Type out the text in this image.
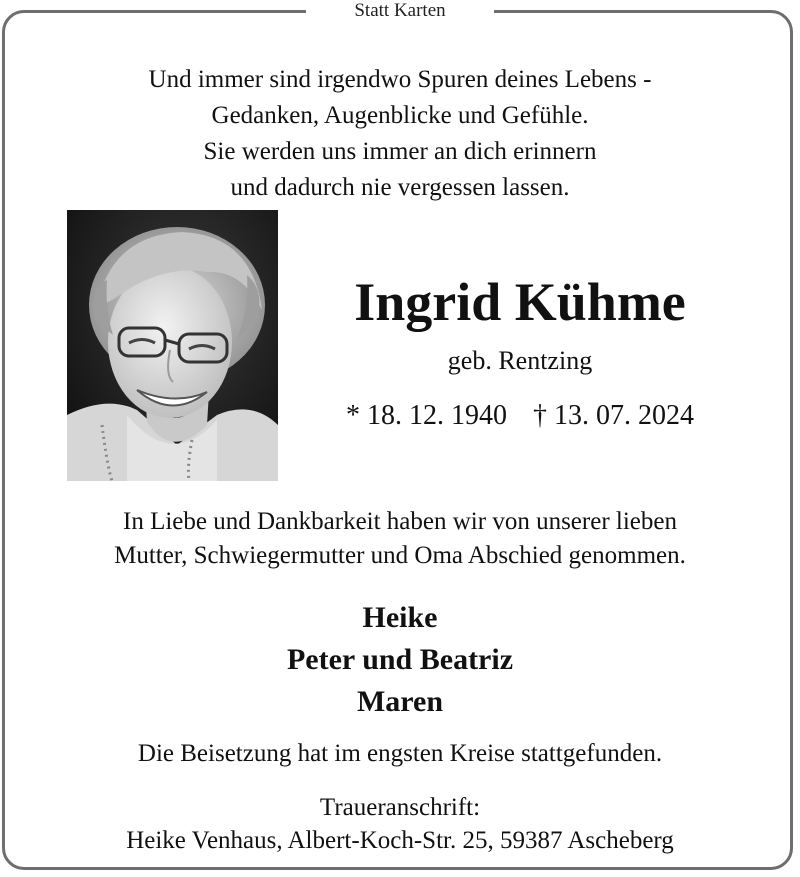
Statt Karten
Und immer sind irgendwo Spuren deines Lebens -
Gedanken, Augenblicke und Gefühle.
Sie werden uns immer an dich erinnern
und dadurch nie vergessen lassen.
Ingrid Kühme
geb. Rentzing
* 18. 12. 1940 † 13. 07. 2024
In Liebe und Dankbarkeit haben wir von unserer lieben
Mutter, Schwiegermutter und Oma Abschied genommen.
Heike
Peter und Beatriz
Maren
Die Beisetzung hat im engsten Kreise stattgefunden.
Traueranschrift:
Heike Venhaus, Albert-Koch-Str. 25, 59387 Ascheberg
